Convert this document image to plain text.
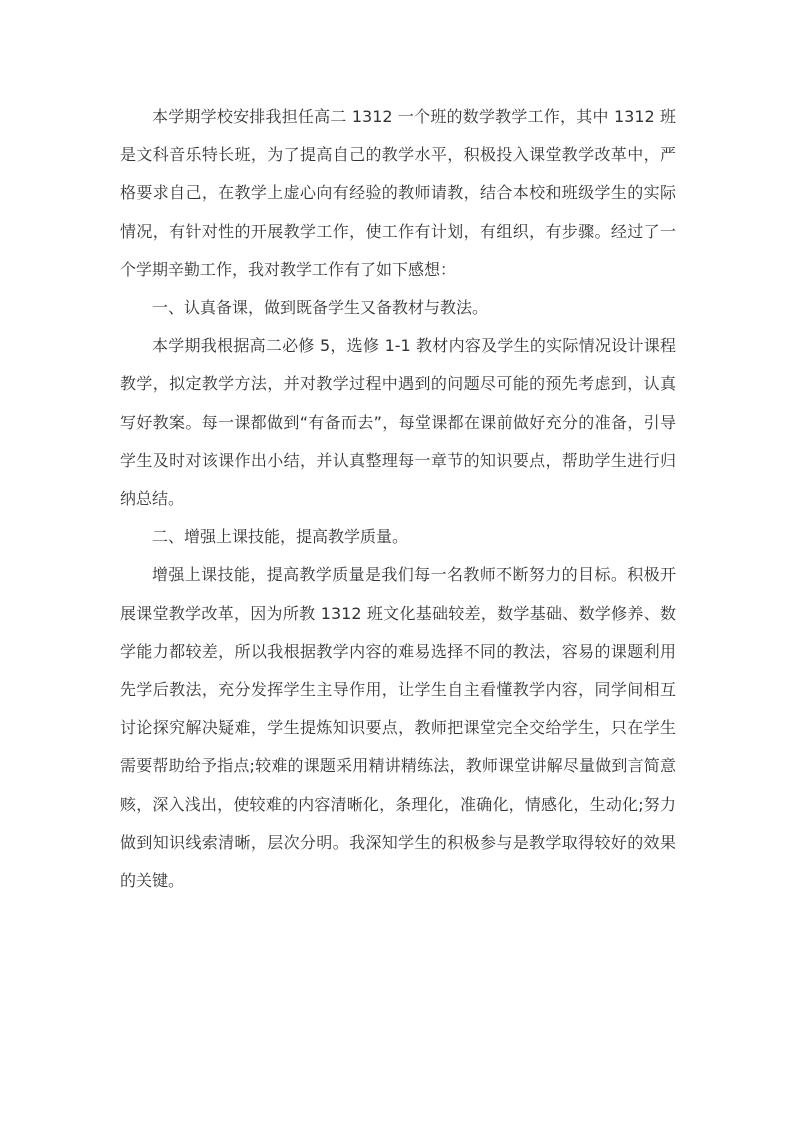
本学期学校安排我担任高二 1312 一个班的数学教学工作，其中 1312 班是文科音乐特长班，为了提高自己的教学水平，积极投入课堂教学改革中，严格要求自己，在教学上虚心向有经验的教师请教，结合本校和班级学生的实际情况，有针对性的开展教学工作，使工作有计划，有组织，有步骤。经过了一个学期辛勤工作，我对教学工作有了如下感想：

一、认真备课，做到既备学生又备教材与教法。

本学期我根据高二必修 5，选修 1-1 教材内容及学生的实际情况设计课程教学，拟定教学方法，并对教学过程中遇到的问题尽可能的预先考虑到，认真写好教案。每一课都做到“有备而去”，每堂课都在课前做好充分的准备，引导学生及时对该课作出小结，并认真整理每一章节的知识要点，帮助学生进行归纳总结。

二、增强上课技能，提高教学质量。

增强上课技能，提高教学质量是我们每一名教师不断努力的目标。积极开展课堂教学改革，因为所教 1312 班文化基础较差，数学基础、数学修养、数学能力都较差，所以我根据教学内容的难易选择不同的教法，容易的课题利用先学后教法，充分发挥学生主导作用，让学生自主看懂教学内容，同学间相互讨论探究解决疑难，学生提炼知识要点，教师把课堂完全交给学生，只在学生需要帮助给予指点;较难的课题采用精讲精练法，教师课堂讲解尽量做到言简意赅，深入浅出，使较难的内容清晰化，条理化，准确化，情感化，生动化;努力做到知识线索清晰，层次分明。我深知学生的积极参与是教学取得较好的效果的关键。
